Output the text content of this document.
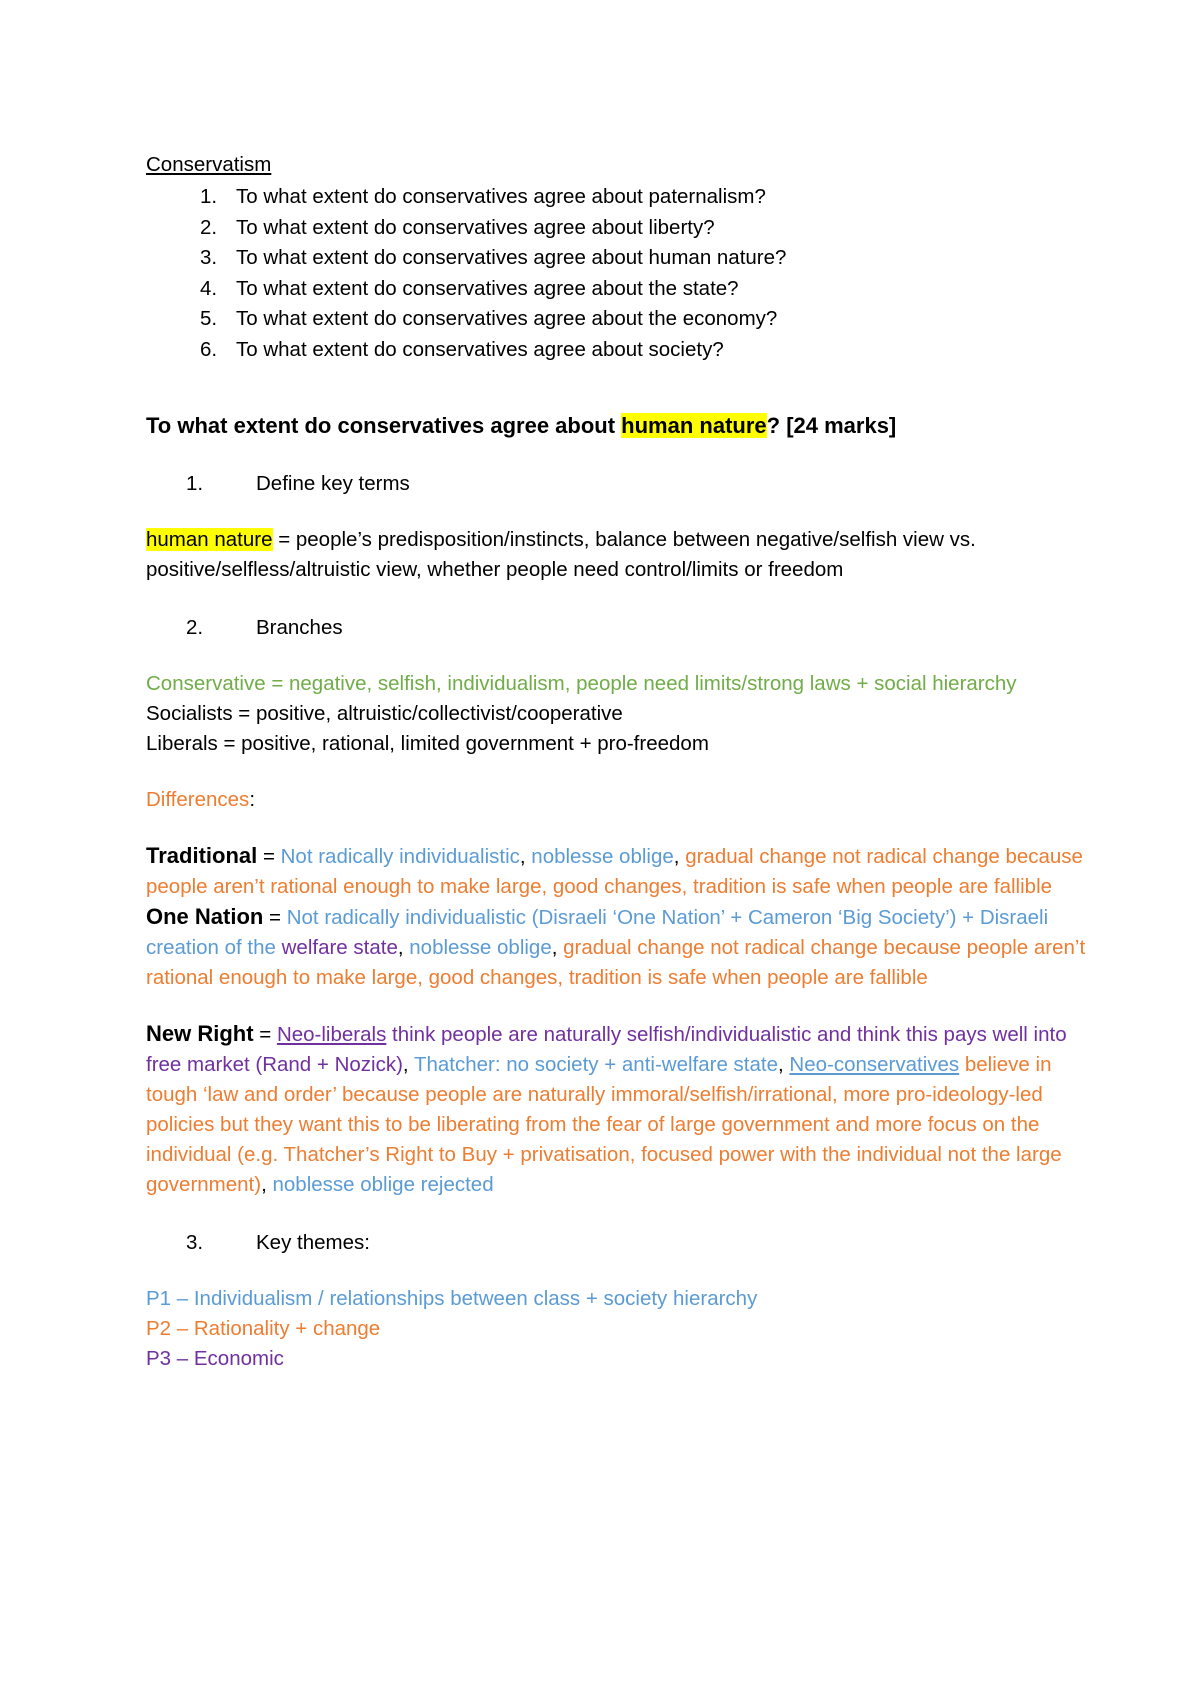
Conservatism
1. To what extent do conservatives agree about paternalism?
2. To what extent do conservatives agree about liberty?
3. To what extent do conservatives agree about human nature?
4. To what extent do conservatives agree about the state?
5. To what extent do conservatives agree about the economy?
6. To what extent do conservatives agree about society?
To what extent do conservatives agree about human nature? [24 marks]
1.	Define key terms
human nature = people’s predisposition/instincts, balance between negative/selfish view vs. positive/selfless/altruistic view, whether people need control/limits or freedom
2.	Branches
Conservative = negative, selfish, individualism, people need limits/strong laws + social hierarchy
Socialists = positive, altruistic/collectivist/cooperative
Liberals = positive, rational, limited government + pro-freedom
Differences:
Traditional = Not radically individualistic, noblesse oblige, gradual change not radical change because people aren’t rational enough to make large, good changes, tradition is safe when people are fallible
One Nation = Not radically individualistic (Disraeli ‘One Nation’ + Cameron ‘Big Society’) + Disraeli creation of the welfare state, noblesse oblige, gradual change not radical change because people aren’t rational enough to make large, good changes, tradition is safe when people are fallible
New Right = Neo-liberals think people are naturally selfish/individualistic and think this pays well into free market (Rand + Nozick), Thatcher: no society + anti-welfare state, Neo-conservatives believe in tough ‘law and order’ because people are naturally immoral/selfish/irrational, more pro-ideology-led policies but they want this to be liberating from the fear of large government and more focus on the individual (e.g. Thatcher’s Right to Buy + privatisation, focused power with the individual not the large government), noblesse oblige rejected
3.	Key themes:
P1 – Individualism / relationships between class + society hierarchy
P2 – Rationality + change
P3 – Economic
